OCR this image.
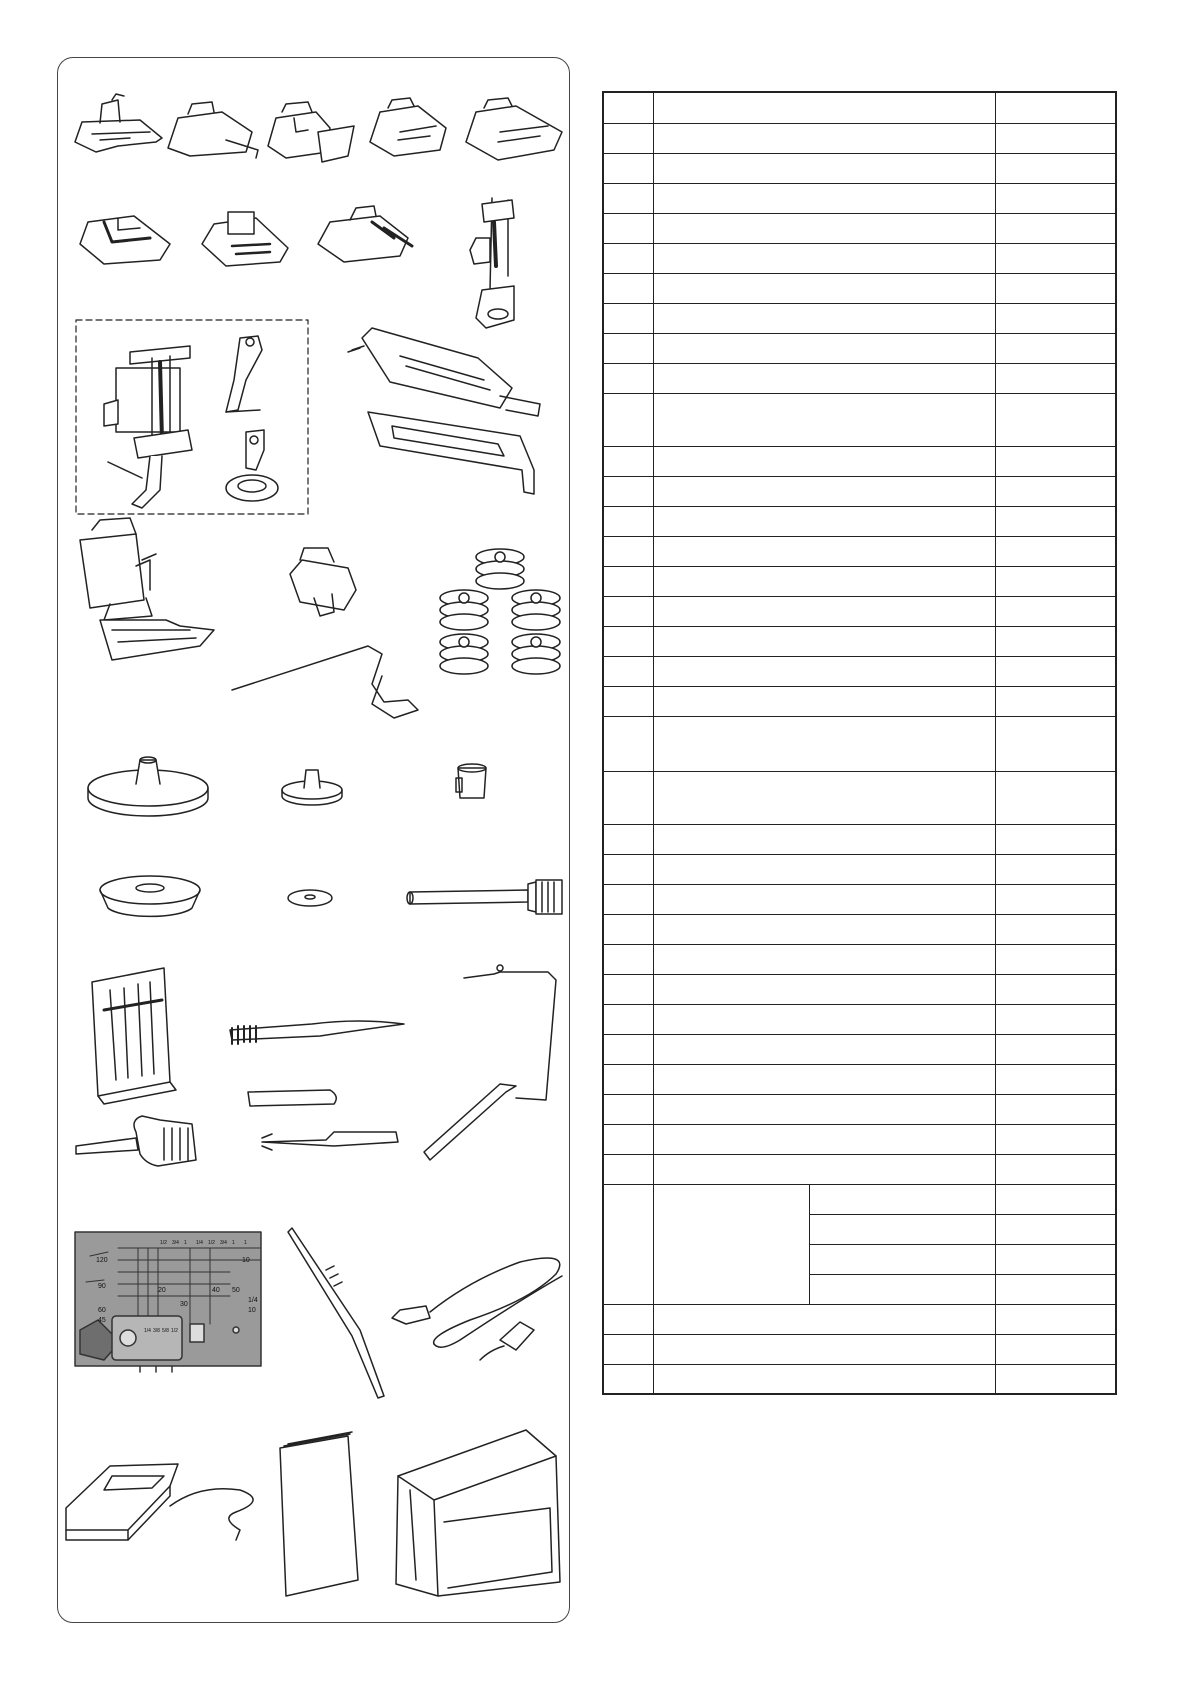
120
90
60
45
20
30
40 50
10
1/4
10
1/2 3/4 1 1/4 1/2 3/4 1 1
1/4 3/8 5/8 1/2
